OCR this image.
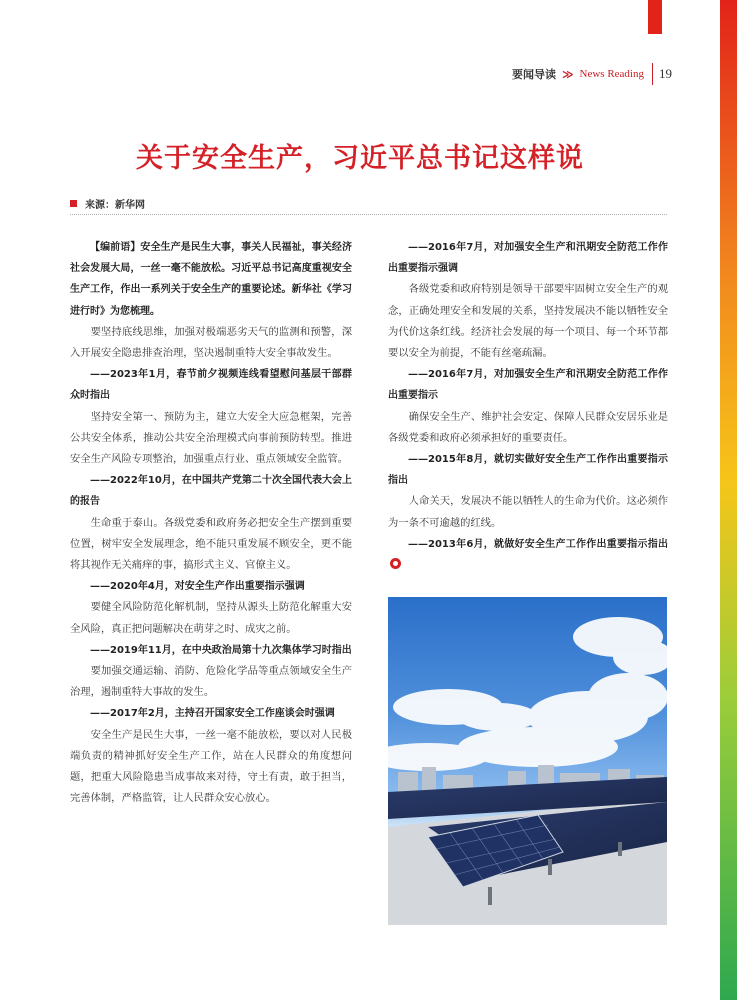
要闻导读 ≫ News Reading 19
关于安全生产，习近平总书记这样说
来源：新华网

【编前语】安全生产是民生大事，事关人民福祉，事关经济社会发展大局，一丝一毫不能放松。习近平总书记高度重视安全生产工作，作出一系列关于安全生产的重要论述。新华社《学习进行时》为您梳理。

要坚持底线思维，加强对极端恶劣天气的监测和预警，深入开展安全隐患排查治理，坚决遏制重特大安全事故发生。

——2023年1月，春节前夕视频连线看望慰问基层干部群众时指出

坚持安全第一、预防为主，建立大安全大应急框架，完善公共安全体系，推动公共安全治理模式向事前预防转型。推进安全生产风险专项整治，加强重点行业、重点领域安全监管。

——2022年10月，在中国共产党第二十次全国代表大会上的报告

生命重于泰山。各级党委和政府务必把安全生产摆到重要位置，树牢安全发展理念，绝不能只重发展不顾安全，更不能将其视作无关痛痒的事，搞形式主义、官僚主义。

——2020年4月，对安全生产作出重要指示强调

要健全风险防范化解机制，坚持从源头上防范化解重大安全风险，真正把问题解决在萌芽之时、成灾之前。

——2019年11月，在中央政治局第十九次集体学习时指出

要加强交通运输、消防、危险化学品等重点领域安全生产治理，遏制重特大事故的发生。

——2017年2月，主持召开国家安全工作座谈会时强调

安全生产是民生大事，一丝一毫不能放松，要以对人民极端负责的精神抓好安全生产工作，站在人民群众的角度想问题，把重大风险隐患当成事故来对待，守土有责，敢于担当，完善体制，严格监管，让人民群众安心放心。

——2016年7月，对加强安全生产和汛期安全防范工作作出重要指示强调

各级党委和政府特别是领导干部要牢固树立安全生产的观念，正确处理安全和发展的关系，坚持发展决不能以牺牲安全为代价这条红线。经济社会发展的每一个项目、每一个环节都要以安全为前提，不能有丝毫疏漏。

——2016年7月，对加强安全生产和汛期安全防范工作作出重要指示

确保安全生产、维护社会安定、保障人民群众安居乐业是各级党委和政府必须承担好的重要责任。

——2015年8月，就切实做好安全生产工作作出重要指示指出

人命关天，发展决不能以牺牲人的生命为代价。这必须作为一条不可逾越的红线。

——2013年6月，就做好安全生产工作作出重要指示指出
